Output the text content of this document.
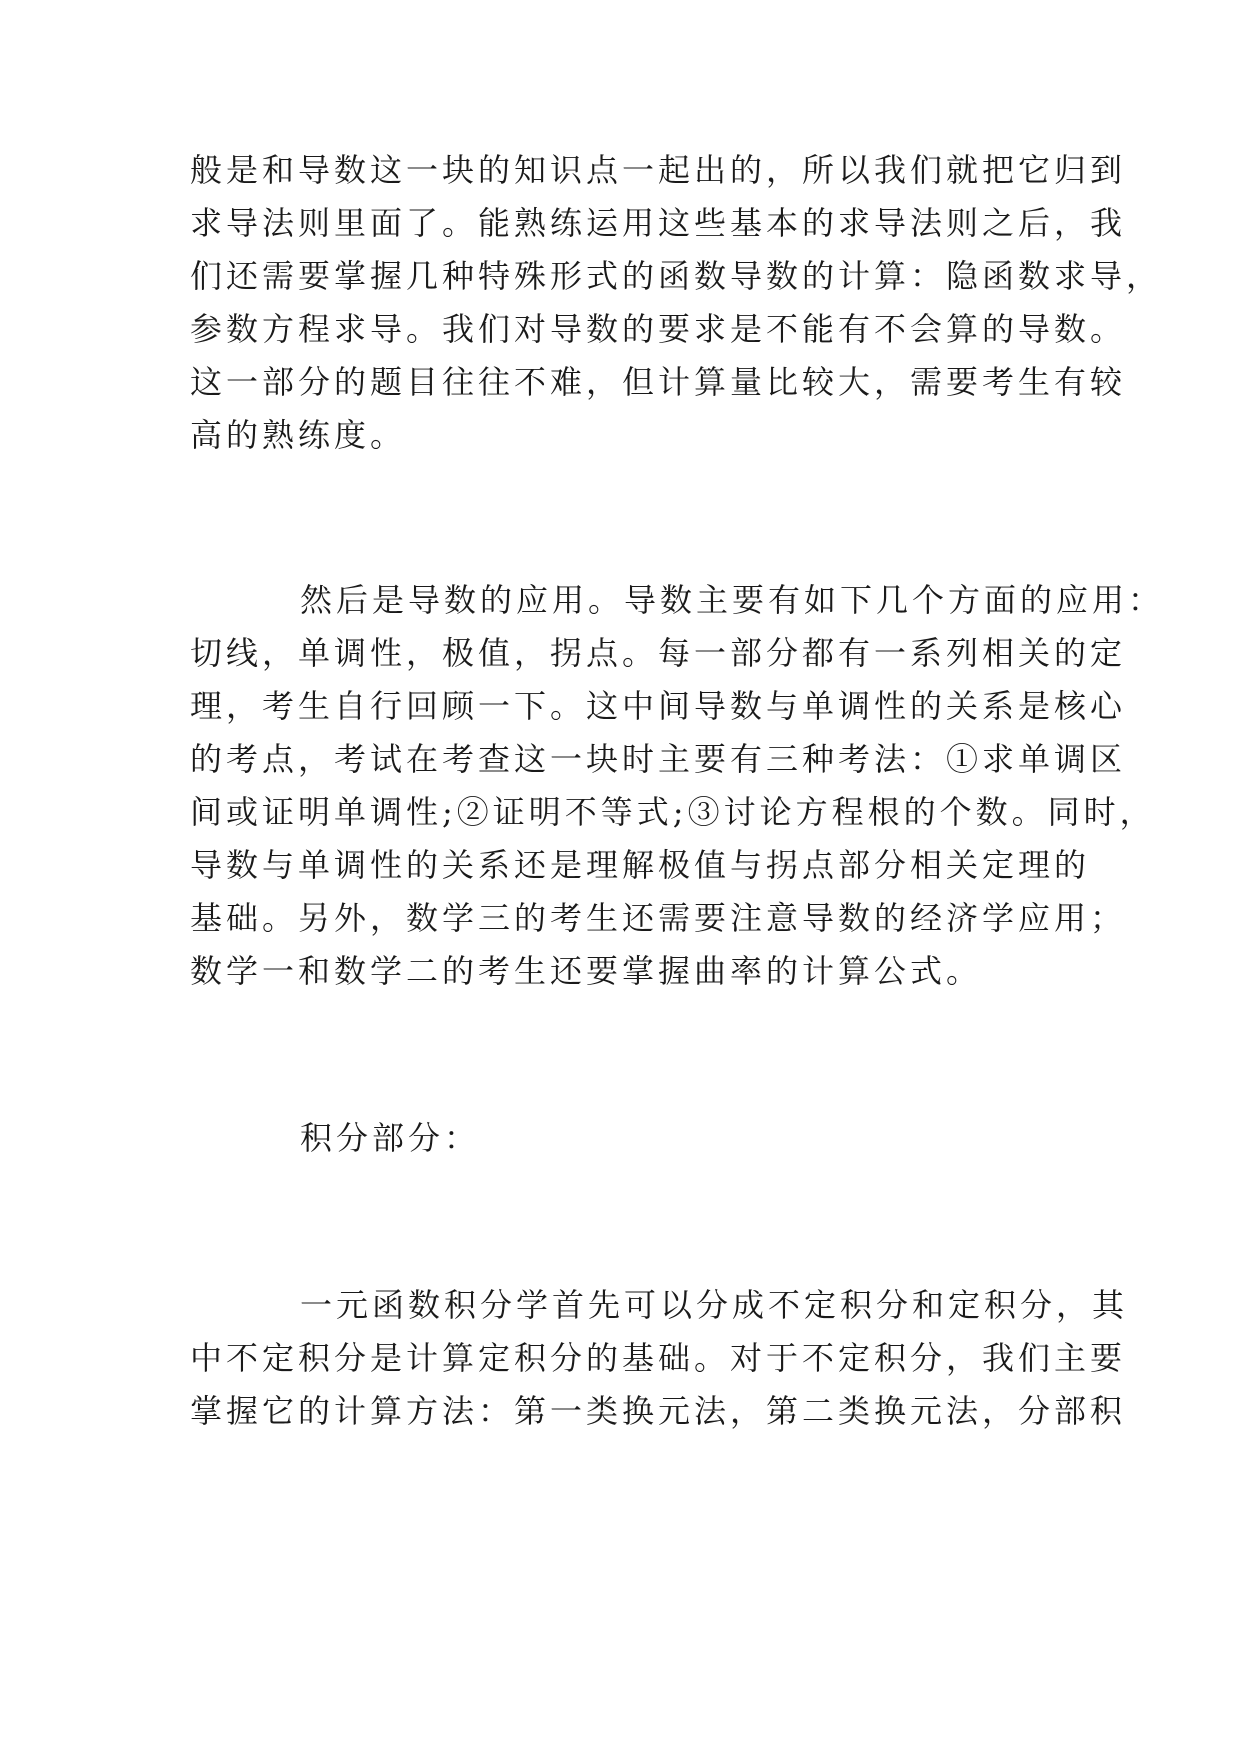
般是和导数这一块的知识点一起出的，所以我们就把它归到
求导法则里面了。能熟练运用这些基本的求导法则之后，我
们还需要掌握几种特殊形式的函数导数的计算：隐函数求导，
参数方程求导。我们对导数的要求是不能有不会算的导数。
这一部分的题目往往不难，但计算量比较大，需要考生有较
高的熟练度。
然后是导数的应用。导数主要有如下几个方面的应用：
切线，单调性，极值，拐点。每一部分都有一系列相关的定
理，考生自行回顾一下。这中间导数与单调性的关系是核心
的考点，考试在考查这一块时主要有三种考法：①求单调区
间或证明单调性;②证明不等式;③讨论方程根的个数。同时，
导数与单调性的关系还是理解极值与拐点部分相关定理的
基础。另外，数学三的考生还需要注意导数的经济学应用；
数学一和数学二的考生还要掌握曲率的计算公式。
积分部分：
一元函数积分学首先可以分成不定积分和定积分，其
中不定积分是计算定积分的基础。对于不定积分，我们主要
掌握它的计算方法：第一类换元法，第二类换元法，分部积
